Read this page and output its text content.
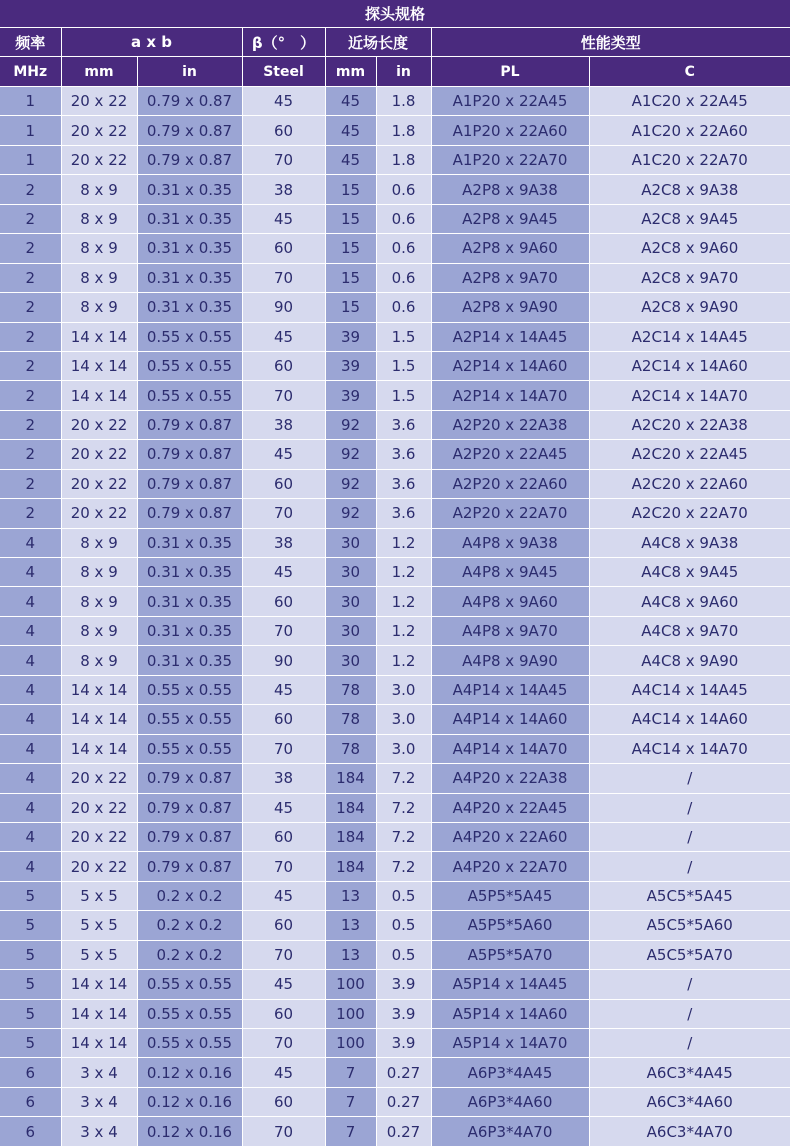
探头规格							
频率	a x b		β（°　）	近场长度		性能类型	
MHz	mm	in	Steel	mm	in	PL	C
1	20 x 22	0.79 x 0.87	45	45	1.8	A1P20 x 22A45	A1C20 x 22A45
1	20 x 22	0.79 x 0.87	60	45	1.8	A1P20 x 22A60	A1C20 x 22A60
1	20 x 22	0.79 x 0.87	70	45	1.8	A1P20 x 22A70	A1C20 x 22A70
2	8 x 9	0.31 x 0.35	38	15	0.6	A2P8 x 9A38	A2C8 x 9A38
2	8 x 9	0.31 x 0.35	45	15	0.6	A2P8 x 9A45	A2C8 x 9A45
2	8 x 9	0.31 x 0.35	60	15	0.6	A2P8 x 9A60	A2C8 x 9A60
2	8 x 9	0.31 x 0.35	70	15	0.6	A2P8 x 9A70	A2C8 x 9A70
2	8 x 9	0.31 x 0.35	90	15	0.6	A2P8 x 9A90	A2C8 x 9A90
2	14 x 14	0.55 x 0.55	45	39	1.5	A2P14 x 14A45	A2C14 x 14A45
2	14 x 14	0.55 x 0.55	60	39	1.5	A2P14 x 14A60	A2C14 x 14A60
2	14 x 14	0.55 x 0.55	70	39	1.5	A2P14 x 14A70	A2C14 x 14A70
2	20 x 22	0.79 x 0.87	38	92	3.6	A2P20 x 22A38	A2C20 x 22A38
2	20 x 22	0.79 x 0.87	45	92	3.6	A2P20 x 22A45	A2C20 x 22A45
2	20 x 22	0.79 x 0.87	60	92	3.6	A2P20 x 22A60	A2C20 x 22A60
2	20 x 22	0.79 x 0.87	70	92	3.6	A2P20 x 22A70	A2C20 x 22A70
4	8 x 9	0.31 x 0.35	38	30	1.2	A4P8 x 9A38	A4C8 x 9A38
4	8 x 9	0.31 x 0.35	45	30	1.2	A4P8 x 9A45	A4C8 x 9A45
4	8 x 9	0.31 x 0.35	60	30	1.2	A4P8 x 9A60	A4C8 x 9A60
4	8 x 9	0.31 x 0.35	70	30	1.2	A4P8 x 9A70	A4C8 x 9A70
4	8 x 9	0.31 x 0.35	90	30	1.2	A4P8 x 9A90	A4C8 x 9A90
4	14 x 14	0.55 x 0.55	45	78	3.0	A4P14 x 14A45	A4C14 x 14A45
4	14 x 14	0.55 x 0.55	60	78	3.0	A4P14 x 14A60	A4C14 x 14A60
4	14 x 14	0.55 x 0.55	70	78	3.0	A4P14 x 14A70	A4C14 x 14A70
4	20 x 22	0.79 x 0.87	38	184	7.2	A4P20 x 22A38	/
4	20 x 22	0.79 x 0.87	45	184	7.2	A4P20 x 22A45	/
4	20 x 22	0.79 x 0.87	60	184	7.2	A4P20 x 22A60	/
4	20 x 22	0.79 x 0.87	70	184	7.2	A4P20 x 22A70	/
5	5 x 5	0.2 x 0.2	45	13	0.5	A5P5*5A45	A5C5*5A45
5	5 x 5	0.2 x 0.2	60	13	0.5	A5P5*5A60	A5C5*5A60
5	5 x 5	0.2 x 0.2	70	13	0.5	A5P5*5A70	A5C5*5A70
5	14 x 14	0.55 x 0.55	45	100	3.9	A5P14 x 14A45	/
5	14 x 14	0.55 x 0.55	60	100	3.9	A5P14 x 14A60	/
5	14 x 14	0.55 x 0.55	70	100	3.9	A5P14 x 14A70	/
6	3 x 4	0.12 x 0.16	45	7	0.27	A6P3*4A45	A6C3*4A45
6	3 x 4	0.12 x 0.16	60	7	0.27	A6P3*4A60	A6C3*4A60
6	3 x 4	0.12 x 0.16	70	7	0.27	A6P3*4A70	A6C3*4A70
